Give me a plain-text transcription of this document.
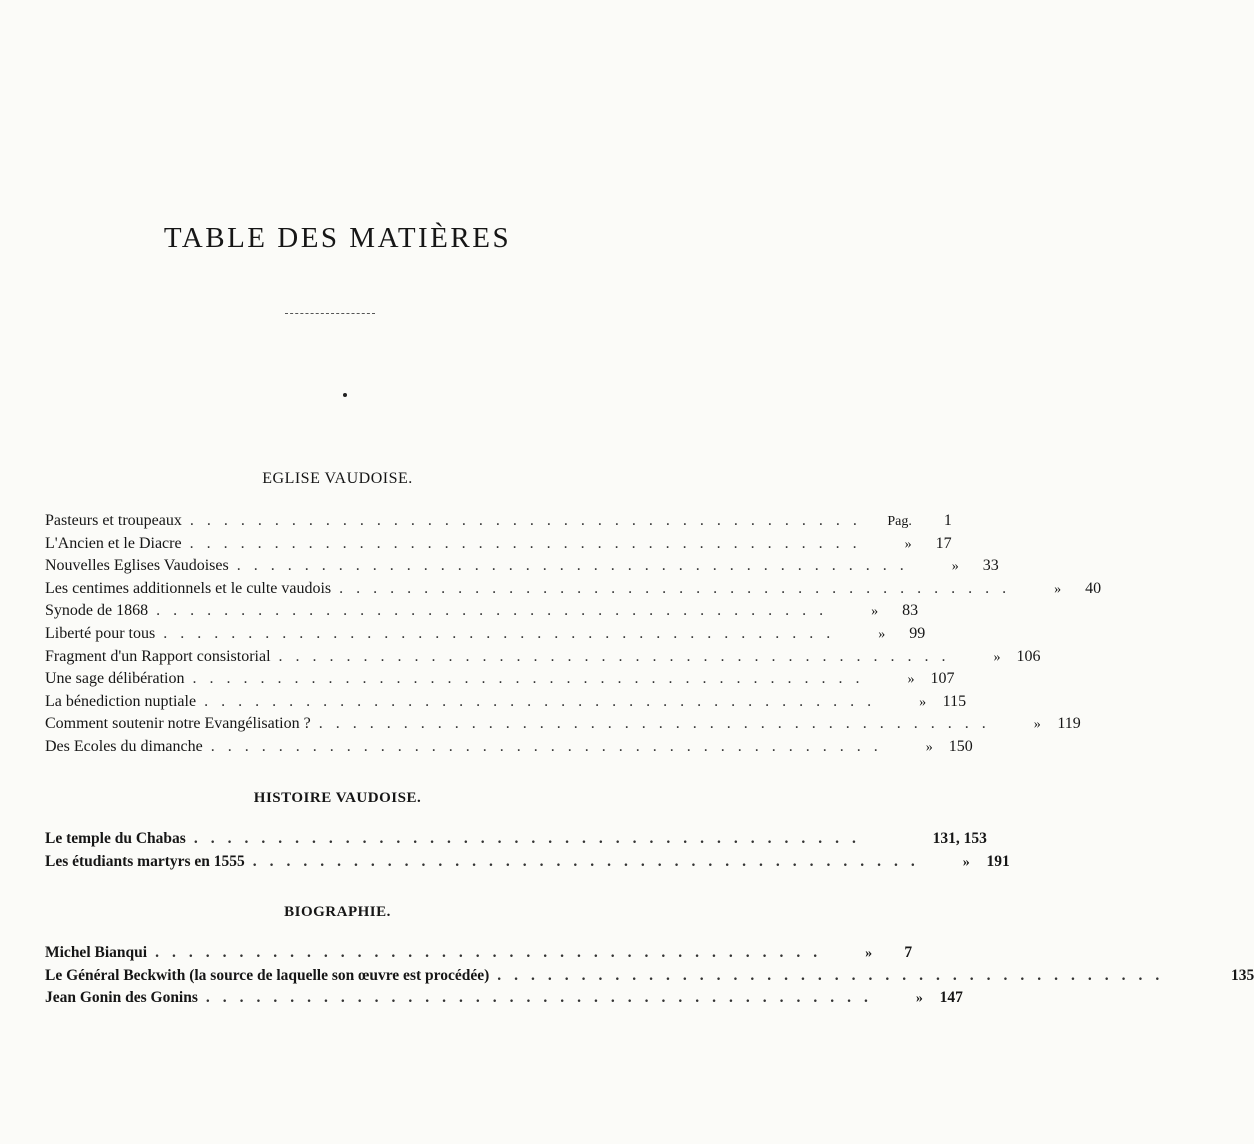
TABLE DES MATIÈRES
EGLISE VAUDOISE.
Pasteurs et troupeaux ........................................	Pag.	1
L'Ancien et le Diacre ........................................	»	17
Nouvelles Eglises Vaudoises ........................................	»	33
Les centimes additionnels et le culte vaudois ........................................	»	40
Synode de 1868 ........................................	»	83
Liberté pour tous ........................................	»	99
Fragment d'un Rapport consistorial ........................................	»	106
Une sage délibération ........................................	»	107
La bénediction nuptiale ........................................	»	115
Comment soutenir notre Evangélisation ? ........................................	»	119
Des Ecoles du dimanche ........................................	»	150
HISTOIRE VAUDOISE.
Le temple du Chabas ........................................	131, 153
Les étudiants martyrs en 1555 ........................................	»	191
BIOGRAPHIE.
Michel Bianqui ........................................	»	7
Le Général Beckwith (la source de laquelle son œuvre est procédée) ........................................	135
Jean Gonin des Gonins ........................................	»	147
